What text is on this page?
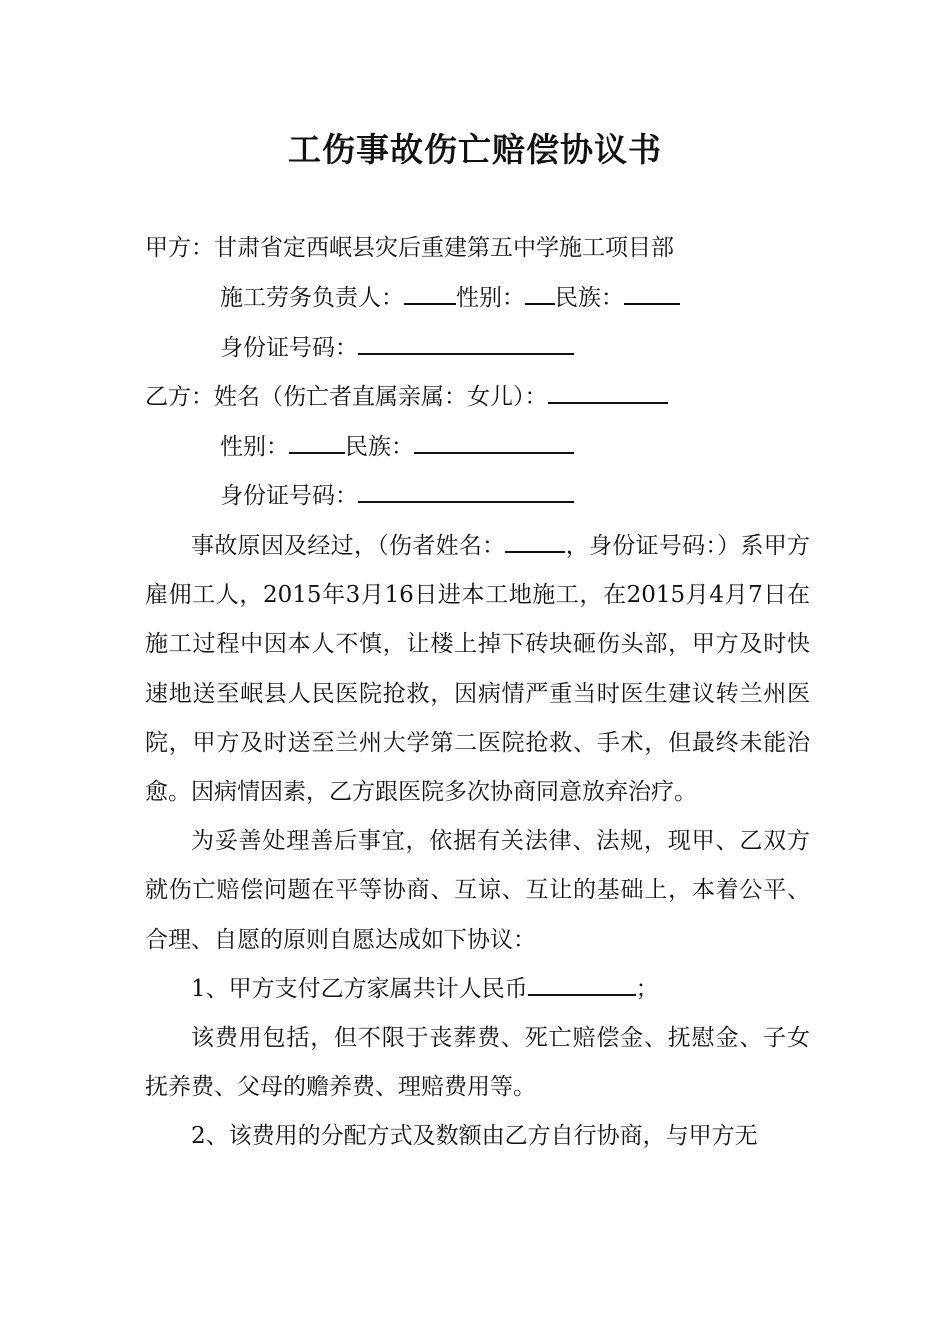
工伤事故伤亡赔偿协议书
甲方：甘肃省定西岷县灾后重建第五中学施工项目部
施工劳务负责人： 性别： 民族：
身份证号码：
乙方：姓名（伤亡者直属亲属：女儿）：
性别： 民族：
身份证号码：

事故原因及经过，（伤者姓名：	，身份证号码：）系甲方雇佣工人，2015年3月16日进本工地施工，在2015月4月7日在施工过程中因本人不慎，让楼上掉下砖块砸伤头部，甲方及时快速地送至岷县人民医院抢救，因病情严重当时医生建议转兰州医院，甲方及时送至兰州大学第二医院抢救、手术，但最终未能治愈。因病情因素，乙方跟医院多次协商同意放弃治疗。

为妥善处理善后事宜，依据有关法律、法规，现甲、乙双方就伤亡赔偿问题在平等协商、互谅、互让的基础上，本着公平、合理、自愿的原则自愿达成如下协议：

1、甲方支付乙方家属共计人民币	；

该费用包括，但不限于丧葬费、死亡赔偿金、抚慰金、子女抚养费、父母的赡养费、理赔费用等。

2、该费用的分配方式及数额由乙方自行协商，与甲方无
